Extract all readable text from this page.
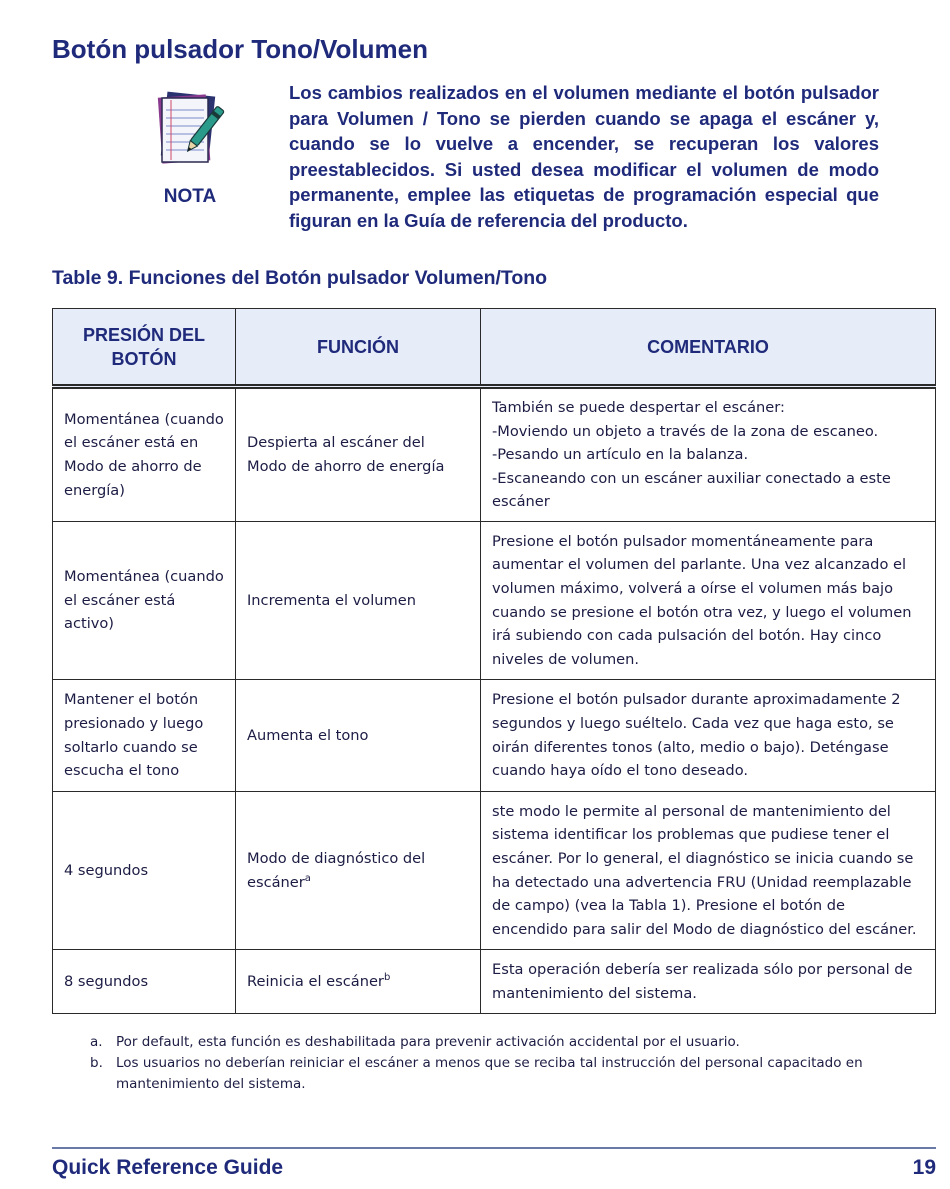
Botón pulsador Tono/Volumen
NOTA

Los cambios realizados en el volumen mediante el botón pulsador para Volumen / Tono se pierden cuando se apaga el escáner y, cuando se lo vuelve a encender, se recuperan los valores preestablecidos. Si usted desea modificar el volumen de modo permanente, emplee las etiquetas de programación especial que figuran en la Guía de referencia del producto.

Table 9. Funciones del Botón pulsador Volumen/Tono
PRESIÓN DEL BOTÓN	FUNCIÓN	COMENTARIO
Momentánea (cuando el escáner está en Modo de ahorro de energía)	Despierta al escáner del Modo de ahorro de energía	También se puede despertar el escáner:
-Moviendo un objeto a través de la zona de escaneo.
-Pesando un artículo en la balanza.
-Escaneando con un escáner auxiliar conectado a este escáner

Momentánea (cuando el escáner está activo)	Incrementa el volumen	Presione el botón pulsador momentáneamente para aumentar el volumen del parlante. Una vez alcanzado el volumen máximo, volverá a oírse el volumen más bajo cuando se presione el botón otra vez, y luego el volumen irá subiendo con cada pulsación del botón. Hay cinco niveles de volumen.

Mantener el botón presionado y luego soltarlo cuando se escucha el tono	Aumenta el tono	Presione el botón pulsador durante aproximadamente 2 segundos y luego suéltelo. Cada vez que haga esto, se oirán diferentes tonos (alto, medio o bajo). Deténgase cuando haya oído el tono deseado.

4 segundos	Modo de diagnóstico del escáner$^a$	ste modo le permite al personal de mantenimiento del sistema identificar los problemas que pudiese tener el escáner. Por lo general, el diagnóstico se inicia cuando se ha detectado una advertencia FRU (Unidad reemplazable de campo) (vea la Tabla 1). Presione el botón de encendido para salir del Modo de diagnóstico del escáner.

8 segundos	Reinicia el escáner$^b$	Esta operación debería ser realizada sólo por personal de mantenimiento del sistema.
a. Por default, esta función es deshabilitada para prevenir activación accidental por el usuario.
b. Los usuarios no deberían reiniciar el escáner a menos que se reciba tal instrucción del personal capacitado en mantenimiento del sistema.
Quick Reference Guide	19
